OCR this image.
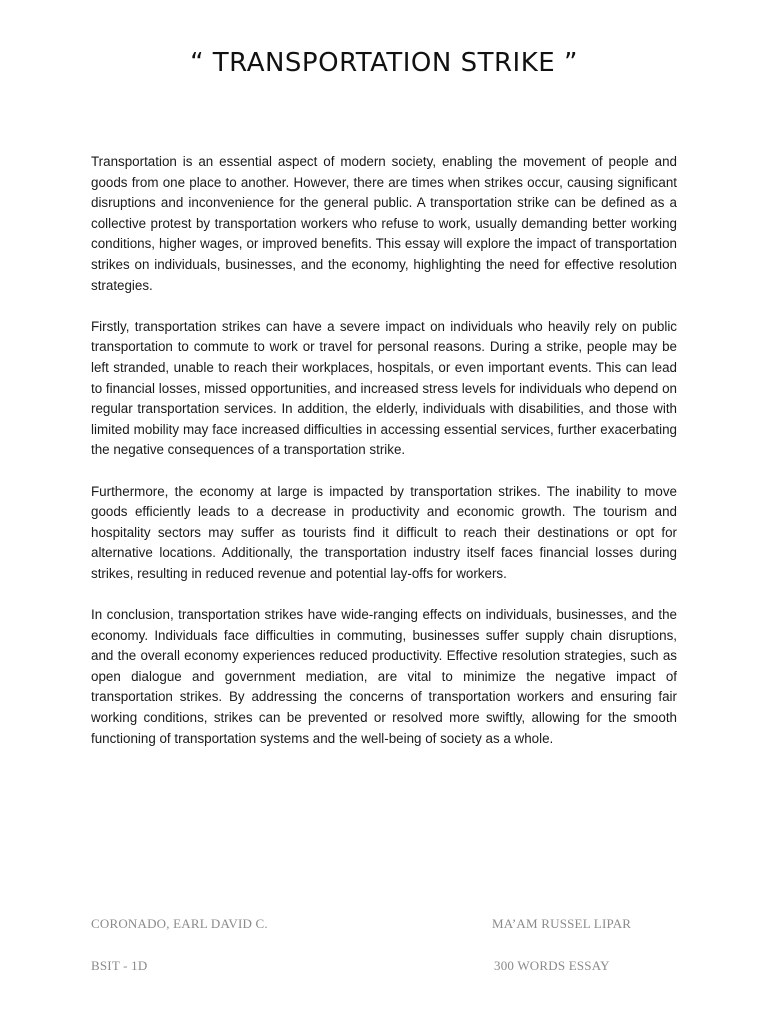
“ TRANSPORTATION STRIKE ”

Transportation is an essential aspect of modern society, enabling the movement of people and goods from one place to another. However, there are times when strikes occur, causing significant disruptions and inconvenience for the general public. A transportation strike can be defined as a collective protest by transportation workers who refuse to work, usually demanding better working conditions, higher wages, or improved benefits. This essay will explore the impact of transportation strikes on individuals, businesses, and the economy, highlighting the need for effective resolution strategies.

Firstly, transportation strikes can have a severe impact on individuals who heavily rely on public transportation to commute to work or travel for personal reasons. During a strike, people may be left stranded, unable to reach their workplaces, hospitals, or even important events. This can lead to financial losses, missed opportunities, and increased stress levels for individuals who depend on regular transportation services. In addition, the elderly, individuals with disabilities, and those with limited mobility may face increased difficulties in accessing essential services, further exacerbating the negative consequences of a transportation strike.

Furthermore, the economy at large is impacted by transportation strikes. The inability to move goods efficiently leads to a decrease in productivity and economic growth. The tourism and hospitality sectors may suffer as tourists find it difficult to reach their destinations or opt for alternative locations. Additionally, the transportation industry itself faces financial losses during strikes, resulting in reduced revenue and potential lay-offs for workers.

In conclusion, transportation strikes have wide-ranging effects on individuals, businesses, and the economy. Individuals face difficulties in commuting, businesses suffer supply chain disruptions, and the overall economy experiences reduced productivity. Effective resolution strategies, such as open dialogue and government mediation, are vital to minimize the negative impact of transportation strikes. By addressing the concerns of transportation workers and ensuring fair working conditions, strikes can be prevented or resolved more swiftly, allowing for the smooth functioning of transportation systems and the well-being of society as a whole.

CORONADO, EARL DAVID C.
BSIT - 1D
MA’AM RUSSEL LIPAR
300 WORDS ESSAY
